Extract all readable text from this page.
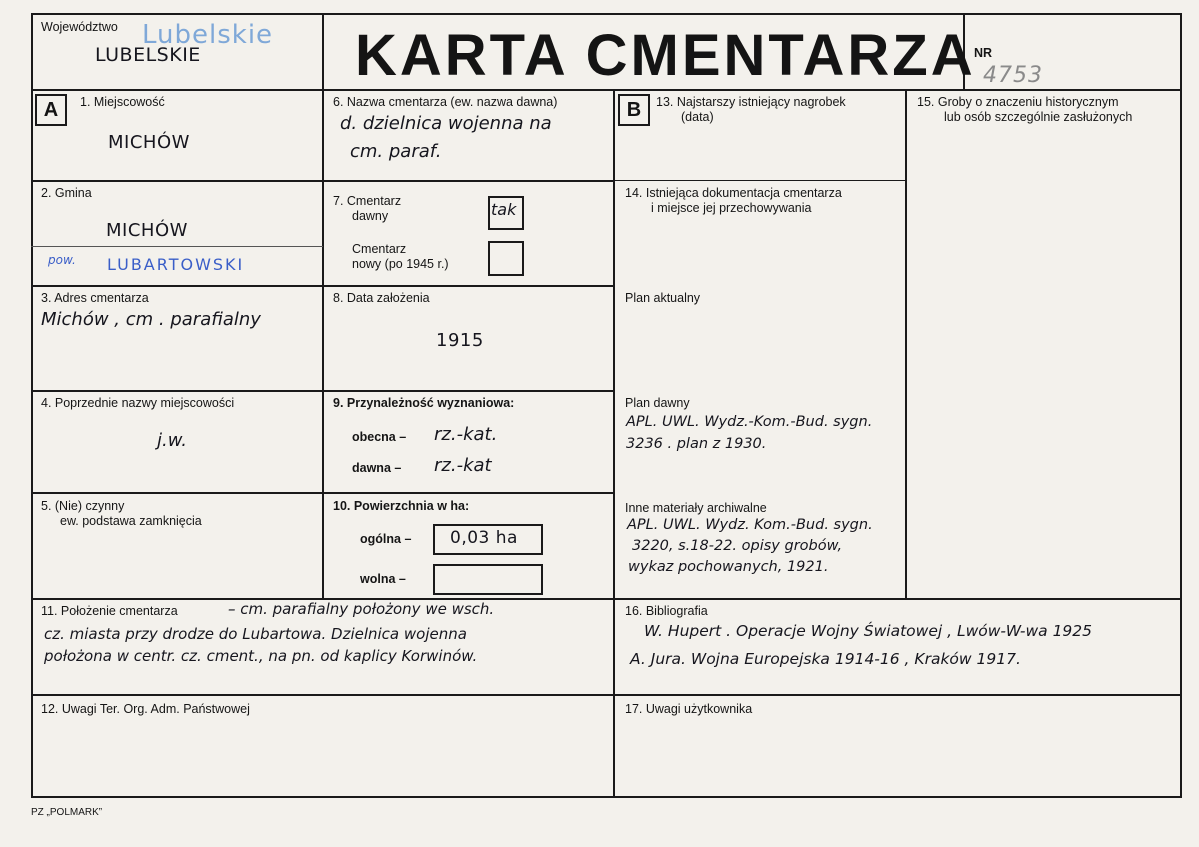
Województwo Lubelskie
LUBELSKIE	KARTA CMENTARZA
NR
4753
A	1. Miejscowość
MICHÓW
2. Gmina
MICHÓW
pow. LUBARTOWSKI
3. Adres cmentarza
Michów , cm . parafialny
4. Poprzednie nazwy miejscowości
j.w.
5. (Nie) czynny
ew. podstawa zamknięcia
6. Nazwa cmentarza (ew. nazwa dawna)
d. dzielnica wojenna na
cm. paraf.
7. Cmentarz
dawny	tak
Cmentarz
nowy (po 1945 r.)
8. Data założenia
1915
9. Przynależność wyznaniowa:
obecna – rz.-kat.
dawna – rz.-kat
10. Powierzchnia w ha:
ogólna – 0,03 ha
wolna –
B	13. Najstarszy istniejący nagrobek
(data)
14. Istniejąca dokumentacja cmentarza
i miejsce jej przechowywania
Plan aktualny
Plan dawny
APL. UWL. Wydz.-Kom.-Bud. sygn.
3236 . plan z 1930.
Inne materiały archiwalne
APL. UWL. Wydz. Kom.-Bud. sygn.
3220, s.18-22. opisy grobów,
wykaz pochowanych, 1921.
15. Groby o znaczeniu historycznym
lub osób szczególnie zasłużonych
11. Położenie cmentarza	– cm. parafialny położony we wsch.
cz. miasta przy drodze do Lubartowa. Dzielnica wojenna
położona w centr. cz. cment., na pn. od kaplicy Korwinów.
16. Bibliografia
W. Hupert . Operacje Wojny Światowej , Lwów-W-wa 1925
A. Jura. Wojna Europejska 1914-16 , Kraków 1917.
12. Uwagi Ter. Org. Adm. Państwowej	17. Uwagi użytkownika
PZ „POLMARK”
